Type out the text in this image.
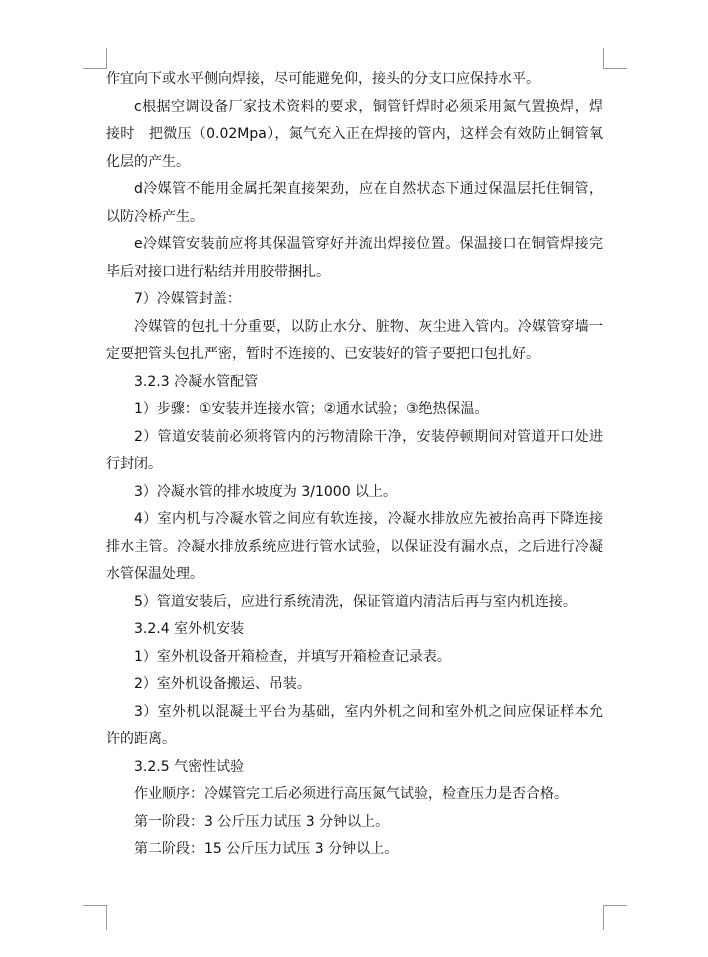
作宜向下或水平侧向焊接，尽可能避免仰，接头的分支口应保持水平。

c根据空调设备厂家技术资料的要求，铜管钎焊时必须采用氮气置换焊，焊接时　把微压（0.02Mpa），氮气充入正在焊接的管内，这样会有效防止铜管氧化层的产生。

d冷媒管不能用金属托架直接架劲，应在自然状态下通过保温层托住铜管，以防冷桥产生。

e冷媒管安装前应将其保温管穿好并流出焊接位置。保温接口在铜管焊接完毕后对接口进行粘结并用胶带捆扎。

7）冷媒管封盖：

冷媒管的包扎十分重要，以防止水分、脏物、灰尘进入管内。冷媒管穿墙一定要把管头包扎严密，暂时不连接的、已安装好的管子要把口包扎好。

3.2.3 冷凝水管配管

1）步骤：①安装并连接水管；②通水试验；③绝热保温。

2）管道安装前必须将管内的污物清除干净，安装停顿期间对管道开口处进行封闭。

3）冷凝水管的排水坡度为 3/1000 以上。

4）室内机与冷凝水管之间应有软连接，冷凝水排放应先被抬高再下降连接排水主管。冷凝水排放系统应进行管水试验，以保证没有漏水点，之后进行冷凝水管保温处理。

5）管道安装后，应进行系统清洗，保证管道内清洁后再与室内机连接。

3.2.4 室外机安装

1）室外机设备开箱检查，并填写开箱检查记录表。

2）室外机设备搬运、吊装。

3）室外机以混凝土平台为基础，室内外机之间和室外机之间应保证样本允许的距离。

3.2.5 气密性试验

作业顺序：冷媒管完工后必须进行高压氮气试验，检查压力是否合格。

第一阶段：3 公斤压力试压 3 分钟以上。

第二阶段：15 公斤压力试压 3 分钟以上。
